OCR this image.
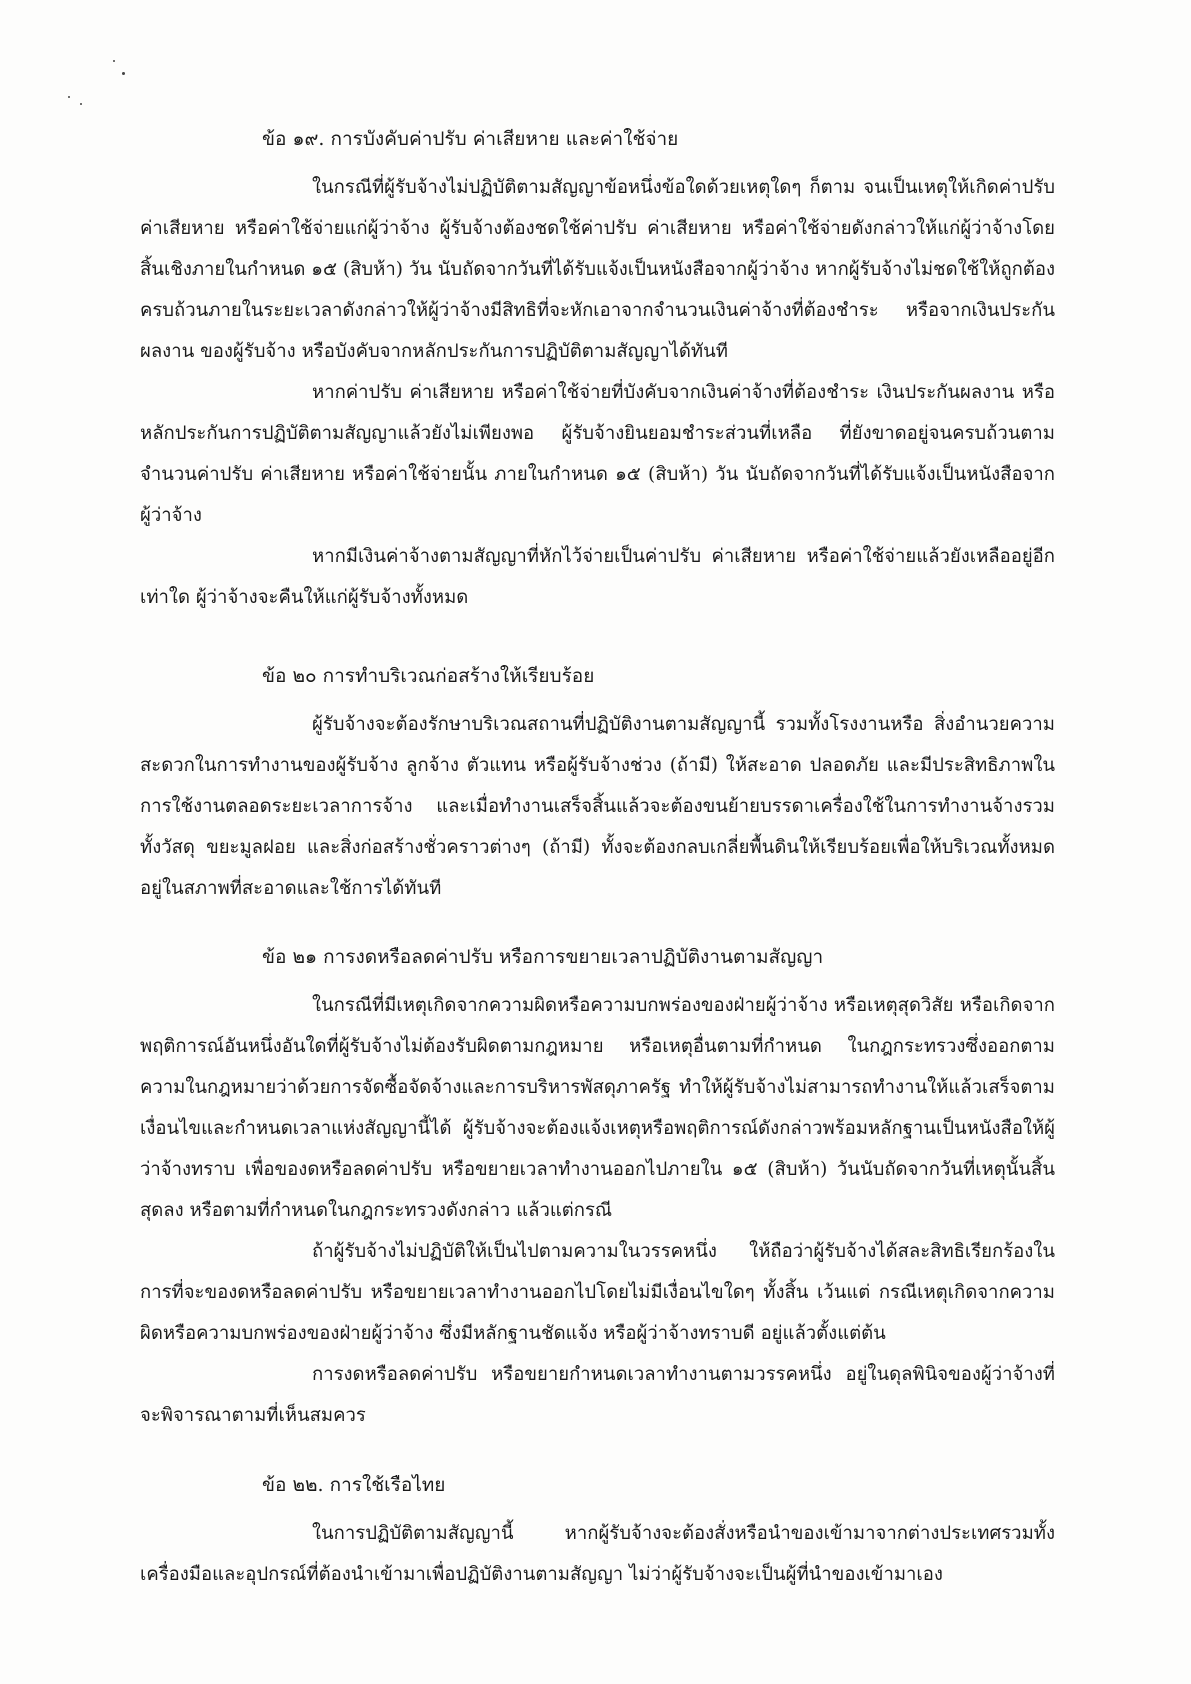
ข้อ ๑๙. การบังคับค่าปรับ ค่าเสียหาย และค่าใช้จ่าย

ในกรณีที่ผู้รับจ้างไม่ปฏิบัติตามสัญญาข้อหนึ่งข้อใดด้วยเหตุใดๆ ก็ตาม จนเป็นเหตุให้เกิดค่าปรับ ค่าเสียหาย หรือค่าใช้จ่ายแก่ผู้ว่าจ้าง ผู้รับจ้างต้องชดใช้ค่าปรับ ค่าเสียหาย หรือค่าใช้จ่ายดังกล่าวให้แก่ผู้ว่าจ้างโดยสิ้นเชิงภายในกำหนด ๑๕ (สิบห้า) วัน นับถัดจากวันที่ได้รับแจ้งเป็นหนังสือจากผู้ว่าจ้าง หากผู้รับจ้างไม่ชดใช้ให้ถูกต้องครบถ้วนภายในระยะเวลาดังกล่าวให้ผู้ว่าจ้างมีสิทธิที่จะหักเอาจากจำนวนเงินค่าจ้างที่ต้องชำระ หรือจากเงินประกันผลงาน ของผู้รับจ้าง หรือบังคับจากหลักประกันการปฏิบัติตามสัญญาได้ทันที

หากค่าปรับ ค่าเสียหาย หรือค่าใช้จ่ายที่บังคับจากเงินค่าจ้างที่ต้องชำระ เงินประกันผลงาน หรือหลักประกันการปฏิบัติตามสัญญาแล้วยังไม่เพียงพอ ผู้รับจ้างยินยอมชำระส่วนที่เหลือ ที่ยังขาดอยู่จนครบถ้วนตามจำนวนค่าปรับ ค่าเสียหาย หรือค่าใช้จ่ายนั้น ภายในกำหนด ๑๕ (สิบห้า) วัน นับถัดจากวันที่ได้รับแจ้งเป็นหนังสือจากผู้ว่าจ้าง

หากมีเงินค่าจ้างตามสัญญาที่หักไว้จ่ายเป็นค่าปรับ ค่าเสียหาย หรือค่าใช้จ่ายแล้วยังเหลืออยู่อีกเท่าใด ผู้ว่าจ้างจะคืนให้แก่ผู้รับจ้างทั้งหมด

ข้อ ๒๐ การทำบริเวณก่อสร้างให้เรียบร้อย

ผู้รับจ้างจะต้องรักษาบริเวณสถานที่ปฏิบัติงานตามสัญญานี้ รวมทั้งโรงงานหรือ สิ่งอำนวยความสะดวกในการทำงานของผู้รับจ้าง ลูกจ้าง ตัวแทน หรือผู้รับจ้างช่วง (ถ้ามี) ให้สะอาด ปลอดภัย และมีประสิทธิภาพในการใช้งานตลอดระยะเวลาการจ้าง และเมื่อทำงานเสร็จสิ้นแล้วจะต้องขนย้ายบรรดาเครื่องใช้ในการทำงานจ้างรวมทั้งวัสดุ ขยะมูลฝอย และสิ่งก่อสร้างชั่วคราวต่างๆ (ถ้ามี) ทั้งจะต้องกลบเกลี่ยพื้นดินให้เรียบร้อยเพื่อให้บริเวณทั้งหมดอยู่ในสภาพที่สะอาดและใช้การได้ทันที

ข้อ ๒๑ การงดหรือลดค่าปรับ หรือการขยายเวลาปฏิบัติงานตามสัญญา

ในกรณีที่มีเหตุเกิดจากความผิดหรือความบกพร่องของฝ่ายผู้ว่าจ้าง หรือเหตุสุดวิสัย หรือเกิดจากพฤติการณ์อันหนึ่งอันใดที่ผู้รับจ้างไม่ต้องรับผิดตามกฎหมาย หรือเหตุอื่นตามที่กำหนด ในกฎกระทรวงซึ่งออกตามความในกฎหมายว่าด้วยการจัดซื้อจัดจ้างและการบริหารพัสดุภาครัฐ ทำให้ผู้รับจ้างไม่สามารถทำงานให้แล้วเสร็จตามเงื่อนไขและกำหนดเวลาแห่งสัญญานี้ได้ ผู้รับจ้างจะต้องแจ้งเหตุหรือพฤติการณ์ดังกล่าวพร้อมหลักฐานเป็นหนังสือให้ผู้ว่าจ้างทราบ เพื่อของดหรือลดค่าปรับ หรือขยายเวลาทำงานออกไปภายใน ๑๕ (สิบห้า) วันนับถัดจากวันที่เหตุนั้นสิ้นสุดลง หรือตามที่กำหนดในกฎกระทรวงดังกล่าว แล้วแต่กรณี

ถ้าผู้รับจ้างไม่ปฏิบัติให้เป็นไปตามความในวรรคหนึ่ง ให้ถือว่าผู้รับจ้างได้สละสิทธิเรียกร้องในการที่จะของดหรือลดค่าปรับ หรือขยายเวลาทำงานออกไปโดยไม่มีเงื่อนไขใดๆ ทั้งสิ้น เว้นแต่ กรณีเหตุเกิดจากความผิดหรือความบกพร่องของฝ่ายผู้ว่าจ้าง ซึ่งมีหลักฐานชัดแจ้ง หรือผู้ว่าจ้างทราบดี อยู่แล้วตั้งแต่ต้น

การงดหรือลดค่าปรับ หรือขยายกำหนดเวลาทำงานตามวรรคหนึ่ง อยู่ในดุลพินิจของผู้ว่าจ้างที่จะพิจารณาตามที่เห็นสมควร

ข้อ ๒๒. การใช้เรือไทย

ในการปฏิบัติตามสัญญานี้ หากผู้รับจ้างจะต้องสั่งหรือนำของเข้ามาจากต่างประเทศรวมทั้งเครื่องมือและอุปกรณ์ที่ต้องนำเข้ามาเพื่อปฏิบัติงานตามสัญญา ไม่ว่าผู้รับจ้างจะเป็นผู้ที่นำของเข้ามาเอง
